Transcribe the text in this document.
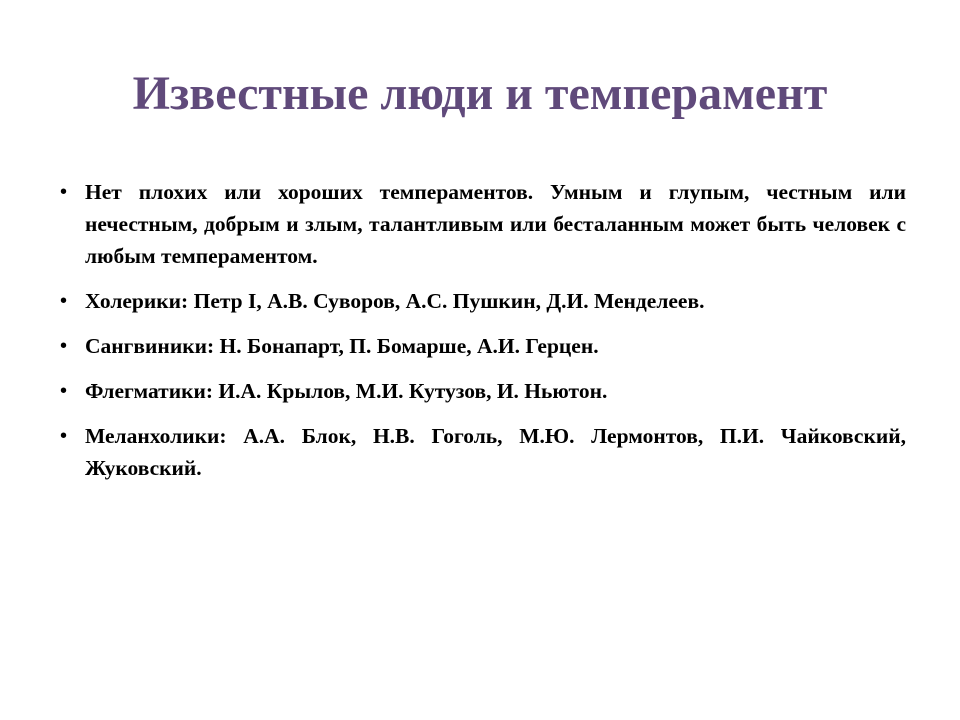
Известные люди и темперамент
• Нет плохих или хороших темпераментов. Умным и глупым, честным или нечестным, добрым и злым, талантливым или бесталанным может быть человек с любым темпераментом.
• Холерики: Петр I, А.В. Суворов, А.С. Пушкин, Д.И. Менделеев.
• Сангвиники: Н. Бонапарт, П. Бомарше, А.И. Герцен.
• Флегматики: И.А. Крылов, М.И. Кутузов, И. Ньютон.
• Меланхолики: А.А. Блок, Н.В. Гоголь, М.Ю. Лермонтов, П.И. Чайковский, Жуковский.
